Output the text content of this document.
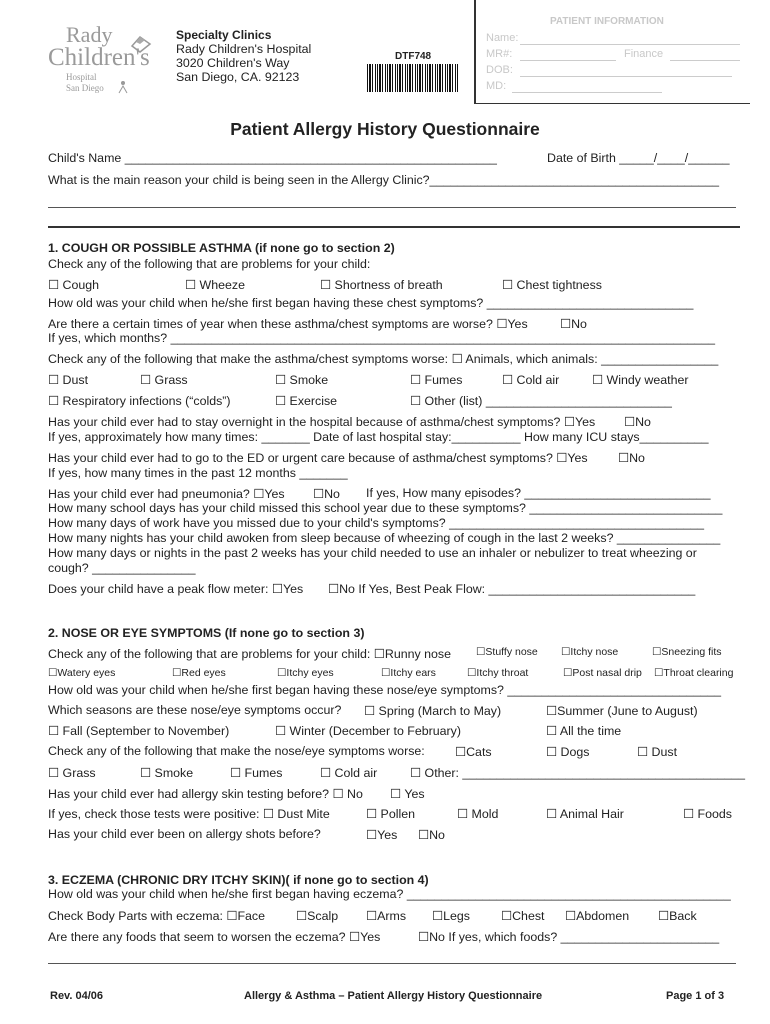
Rady
Children's
Hospital
San Diego
Specialty Clinics
Rady Children's Hospital
3020 Children's Way
San Diego, CA. 92123
DTF748
PATIENT INFORMATION
Name:
MR#:	Finance
DOB:
MD:
Patient Allergy History Questionnaire
Child's Name ______________________________________________________	Date of Birth _____/____/______
What is the main reason your child is being seen in the Allergy Clinic?__________________________________________
1. COUGH OR POSSIBLE ASTHMA (if none go to section 2)
Check any of the following that are problems for your child:
☐ Cough	☐ Wheeze	☐ Shortness of breath	☐ Chest tightness
How old was your child when he/she first began having these chest symptoms? ______________________________
Are there a certain times of year when these asthma/chest symptoms are worse? ☐Yes	☐No
If yes, which months? _______________________________________________________________________________
Check any of the following that make the asthma/chest symptoms worse: ☐ Animals, which animals: _________________
☐ Dust	☐ Grass	☐ Smoke	☐ Fumes	☐ Cold air	☐ Windy weather
☐ Respiratory infections (“colds”)	☐ Exercise	☐ Other (list) ___________________________
Has your child ever had to stay overnight in the hospital because of asthma/chest symptoms? ☐Yes ☐No
If yes, approximately how many times: _______ Date of last hospital stay:__________ How many ICU stays__________
Has your child ever had to go to the ED or urgent care because of asthma/chest symptoms? ☐Yes ☐No
If yes, how many times in the past 12 months _______
Has your child ever had pneumonia? ☐Yes ☐No If yes, How many episodes? ___________________________
How many school days has your child missed this school year due to these symptoms? ____________________________
How many days of work have you missed due to your child's symptoms? _____________________________________
How many nights has your child awoken from sleep because of wheezing of cough in the last 2 weeks? _______________
How many days or nights in the past 2 weeks has your child needed to use an inhaler or nebulizer to treat wheezing or
cough? _______________
Does your child have a peak flow meter: ☐Yes ☐No If Yes, Best Peak Flow: ______________________________
2. NOSE OR EYE SYMPTOMS (If none go to section 3)
Check any of the following that are problems for your child: ☐Runny nose ☐Stuffy nose ☐Itchy nose	☐Sneezing fits
☐Watery eyes	☐Red eyes	☐Itchy eyes	☐Itchy ears	☐Itchy throat	☐Post nasal drip ☐Throat clearing
How old was your child when he/she first began having these nose/eye symptoms? _______________________________
Which seasons are these nose/eye symptoms occur? ☐ Spring (March to May)	☐Summer (June to August)
☐ Fall (September to November)	☐ Winter (December to February)	☐ All the time
Check any of the following that make the nose/eye symptoms worse: ☐Cats	☐ Dogs	☐ Dust
☐ Grass	☐ Smoke	☐ Fumes	☐ Cold air	☐ Other: _________________________________________
Has your child ever had allergy skin testing before? ☐ No ☐ Yes
If yes, check those tests were positive: ☐ Dust Mite	☐ Pollen	☐ Mold	☐ Animal Hair	☐ Foods
Has your child ever been on allergy shots before?	☐Yes ☐No
3. ECZEMA (CHRONIC DRY ITCHY SKIN)( if none go to section 4)
How old was your child when he/she first began having eczema? _______________________________________________
Check Body Parts with eczema: ☐Face ☐Scalp ☐Arms ☐Legs	☐Chest ☐Abdomen ☐Back
Are there any foods that seem to worsen the eczema? ☐Yes	☐No If yes, which foods? _______________________
Rev. 04/06	Allergy & Asthma – Patient Allergy History Questionnaire	Page 1 of 3
